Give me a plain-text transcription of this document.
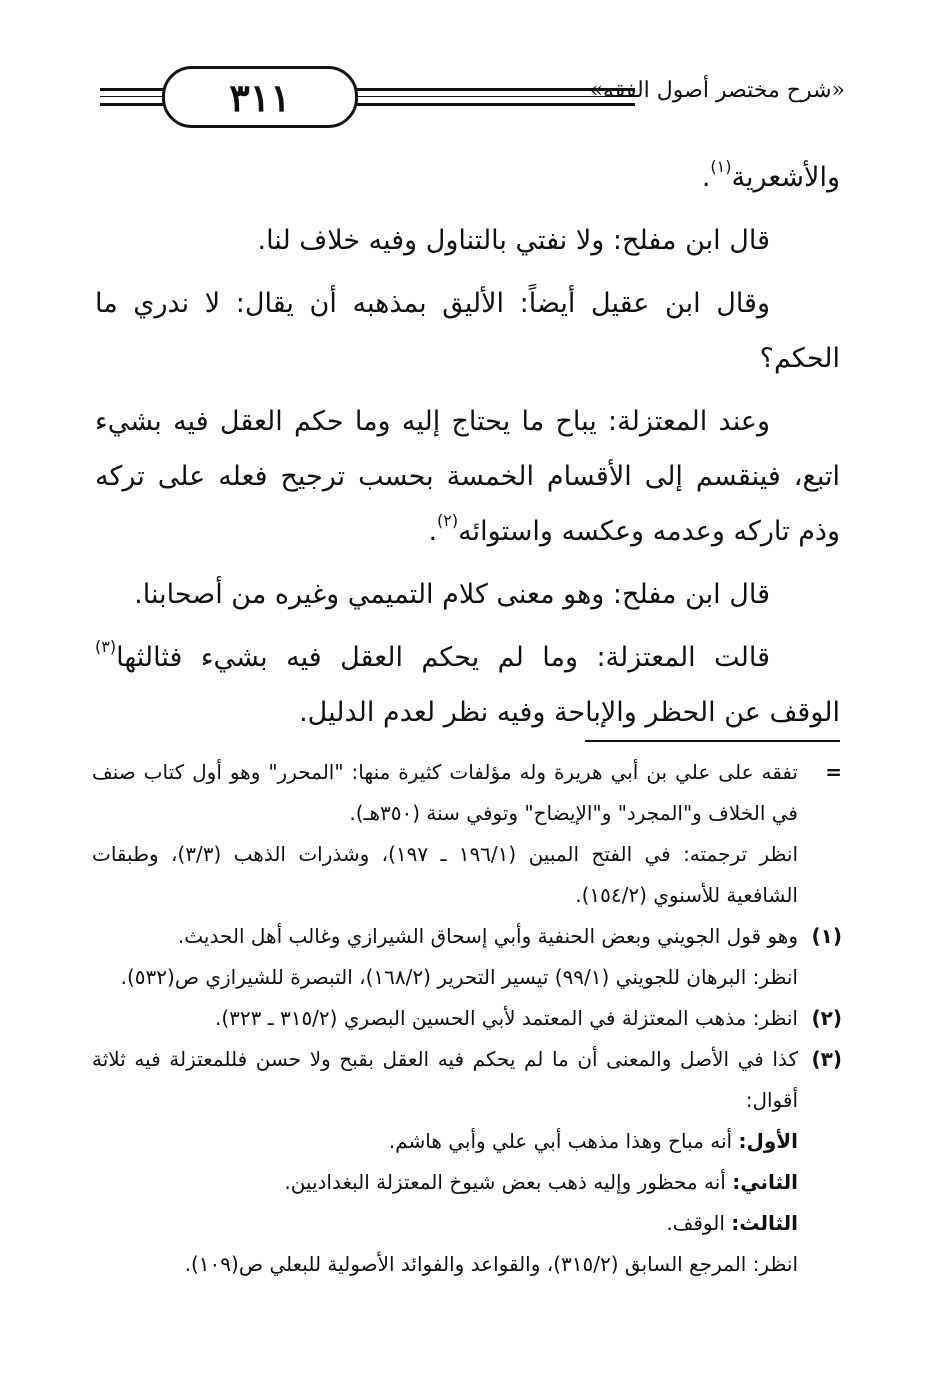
٣١١	«شرح مختصر أصول الفقه»

والأشعرية$^{(١)}$.

قال ابن مفلح: ولا نفتي بالتناول وفيه خلاف لنا.

وقال ابن عقيل أيضاً: الأليق بمذهبه أن يقال: لا ندري ما الحكم؟

وعند المعتزلة: يباح ما يحتاج إليه وما حكم العقل فيه بشيء اتبع، فينقسم إلى الأقسام الخمسة بحسب ترجيح فعله على تركه وذم تاركه وعدمه وعكسه واستوائه$^{(٢)}$.

قال ابن مفلح: وهو معنى كلام التميمي وغيره من أصحابنا.

قالت المعتزلة: وما لم يحكم العقل فيه بشيء فثالثها$^{(٣)}$ الوقف عن الحظر والإباحة وفيه نظر لعدم الدليل.

=
تفقه على علي بن أبي هريرة وله مؤلفات كثيرة منها: "المحرر" وهو أول كتاب صنف في الخلاف و"المجرد" و"الإيضاح" وتوفي سنة (٣٥٠هـ).
انظر ترجمته: في الفتح المبين (١٩٦/١ ـ ١٩٧)، وشذرات الذهب (٣/٣)، وطبقات الشافعية للأسنوي (١٥٤/٢).
(١)
وهو قول الجويني وبعض الحنفية وأبي إسحاق الشيرازي وغالب أهل الحديث.
انظر: البرهان للجويني (٩٩/١) تيسير التحرير (١٦٨/٢)، التبصرة للشيرازي ص(٥٣٢).
(٢)
انظر: مذهب المعتزلة في المعتمد لأبي الحسين البصري (٣١٥/٢ ـ ٣٢٣).
(٣)
كذا في الأصل والمعنى أن ما لم يحكم فيه العقل بقبح ولا حسن فللمعتزلة فيه ثلاثة أقوال:
الأول: أنه مباح وهذا مذهب أبي علي وأبي هاشم.
الثاني: أنه محظور وإليه ذهب بعض شيوخ المعتزلة البغداديين.
الثالث: الوقف.
انظر: المرجع السابق (٣١٥/٢)، والقواعد والفوائد الأصولية للبعلي ص(١٠٩).
